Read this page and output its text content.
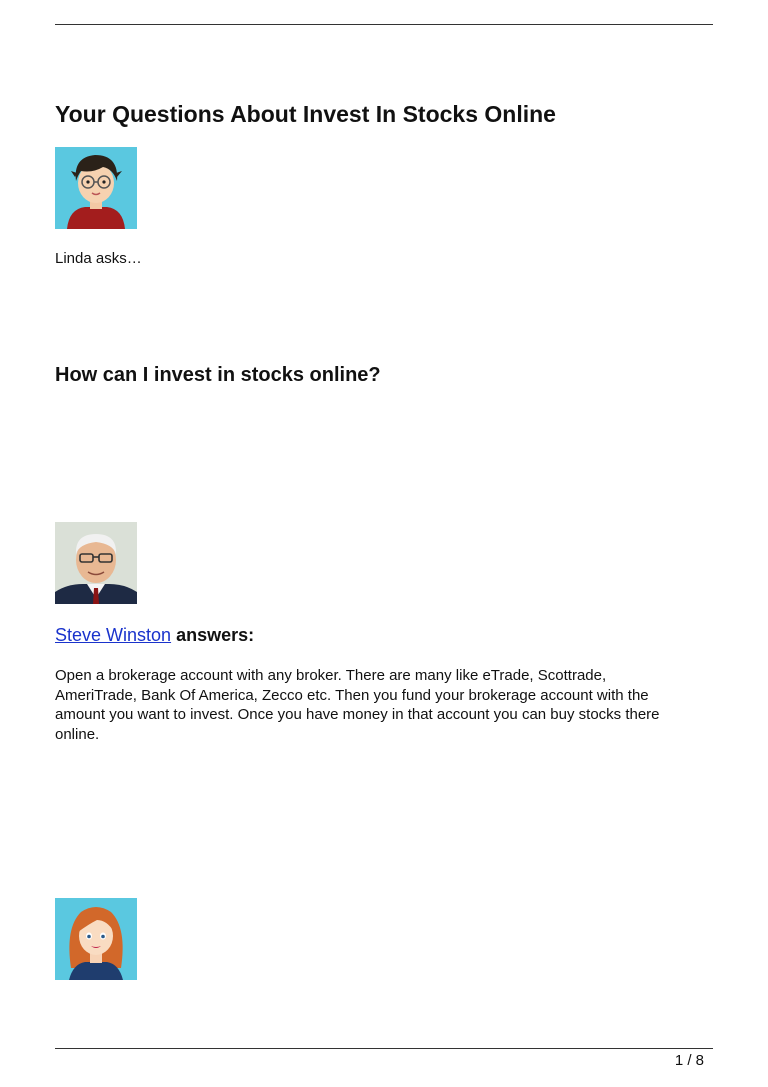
Your Questions About Invest In Stocks Online

Linda asks…

How can I invest in stocks online?

Steve Winston answers:

Open a brokerage account with any broker. There are many like eTrade, Scottrade,
AmeriTrade, Bank Of America, Zecco etc. Then you fund your brokerage account with the
amount you want to invest. Once you have money in that account you can buy stocks there
online.
1 / 8
